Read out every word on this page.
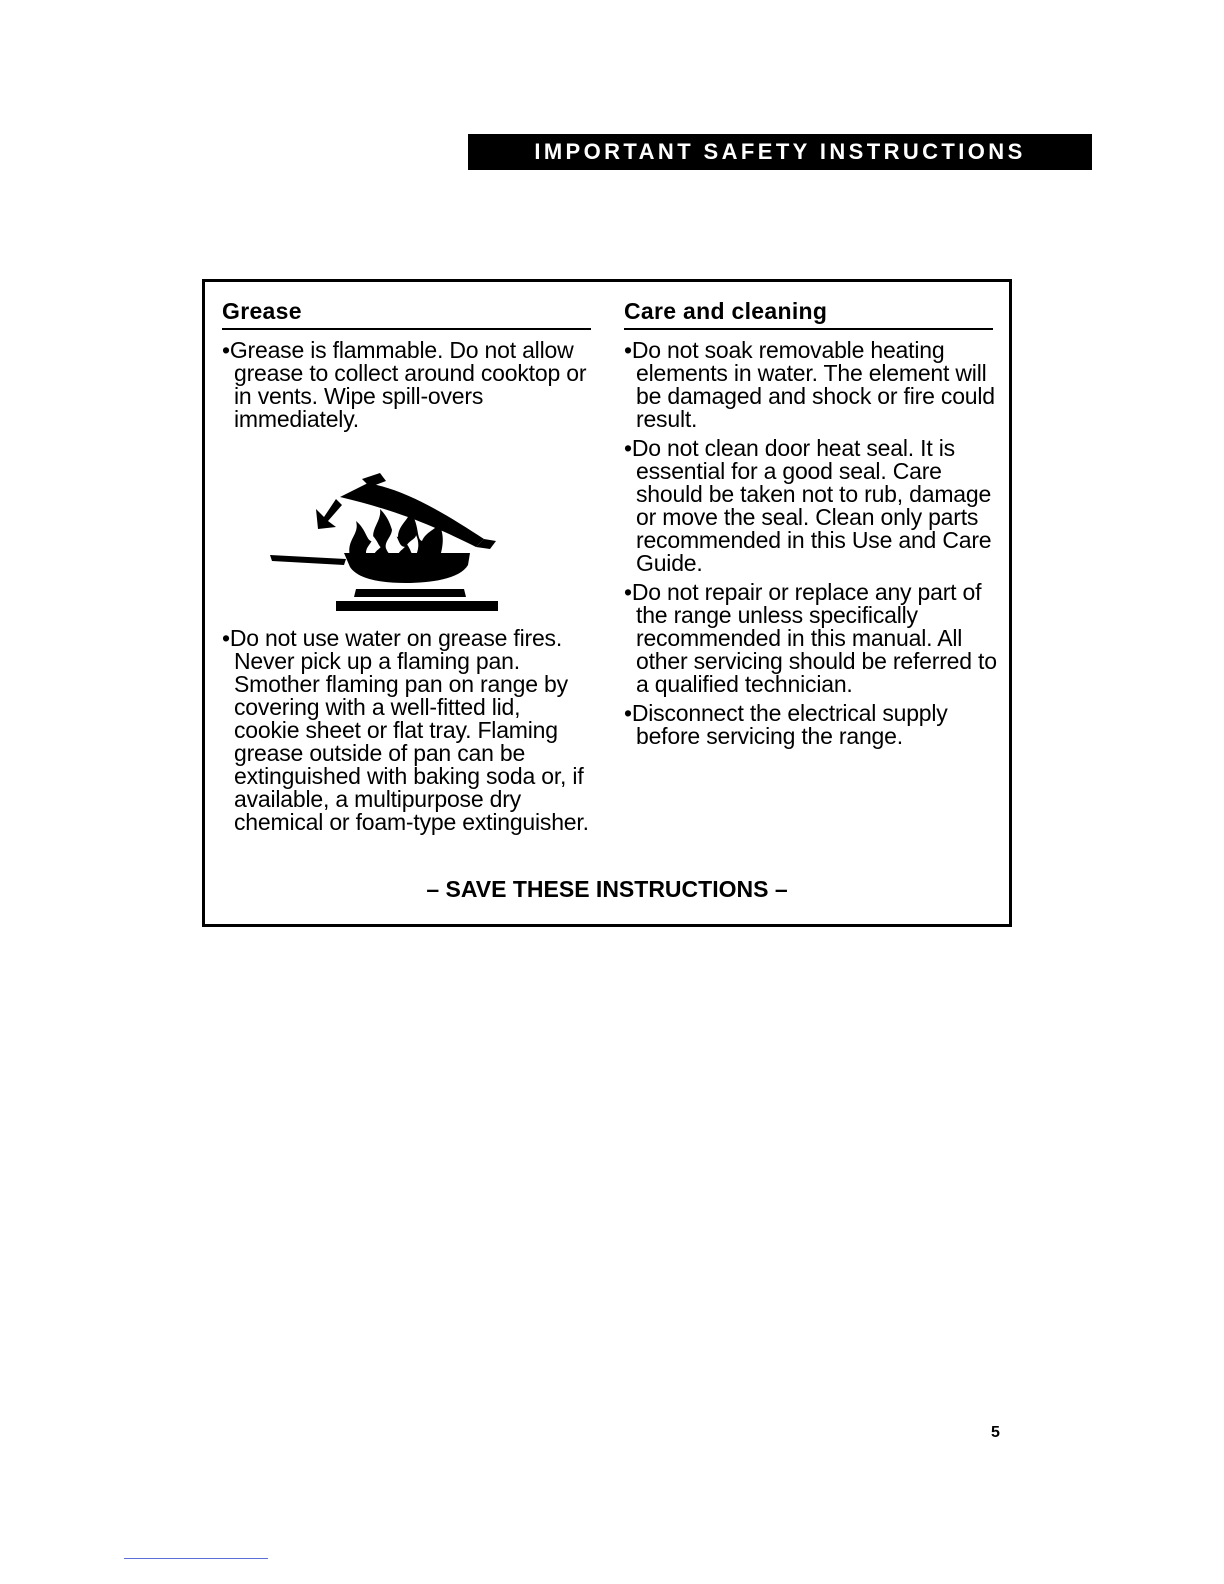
IMPORTANT SAFETY INSTRUCTIONS
Grease

•Grease is flammable. Do not allow grease to collect around cooktop or in vents. Wipe spill-overs immediately.

•Do not use water on grease fires. Never pick up a flaming pan. Smother flaming pan on range by covering with a well-fitted lid, cookie sheet or flat tray. Flaming grease outside of pan can be extinguished with baking soda or, if available, a multipurpose dry chemical or foam-type extinguisher.

Care and cleaning

•Do not soak removable heating elements in water. The element will be damaged and shock or fire could result.

•Do not clean door heat seal. It is essential for a good seal. Care should be taken not to rub, damage or move the seal. Clean only parts recommended in this Use and Care Guide.

•Do not repair or replace any part of the range unless specifically recommended in this manual. All other servicing should be referred to a qualified technician.

•Disconnect the electrical supply before servicing the range.

– SAVE THESE INSTRUCTIONS –
5
